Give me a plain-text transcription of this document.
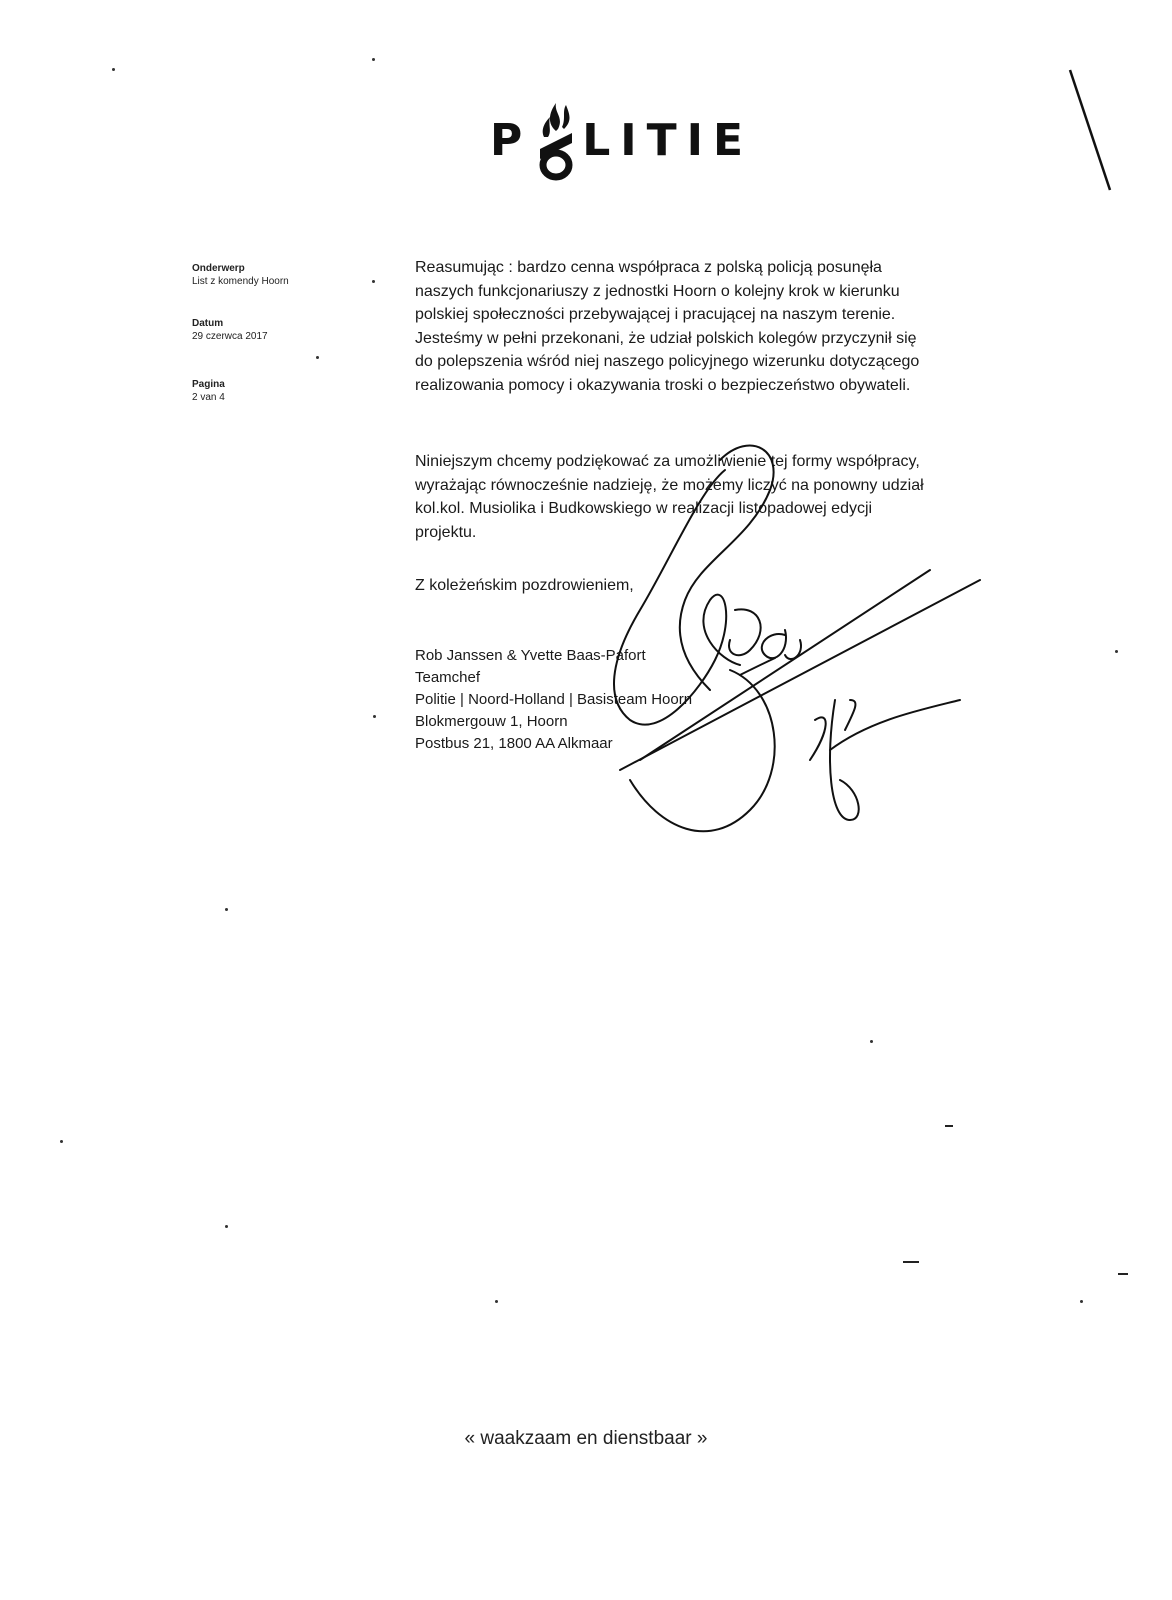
P LITIE
Onderwerp
List z komendy Hoorn
Datum
29 czerwca 2017
Pagina
2 van 4
Reasumując : bardzo cenna współpraca z polską policją posunęła
naszych funkcjonariuszy z jednostki Hoorn o kolejny krok w kierunku
polskiej społeczności przebywającej i pracującej na naszym terenie.
Jesteśmy w pełni przekonani, że udział polskich kolegów przyczynił się
do polepszenia wśród niej naszego policyjnego wizerunku dotyczącego
realizowania pomocy i okazywania troski o bezpieczeństwo obywateli.
Niniejszym chcemy podziękować za umożliwienie tej formy współpracy,
wyrażając równocześnie nadzieję, że możemy liczyć na ponowny udział
kol.kol. Musiolika i Budkowskiego w realizacji listopadowej edycji
projektu.
Z koleżeńskim pozdrowieniem,
Rob Janssen & Yvette Baas-Pafort
Teamchef
Politie | Noord-Holland | Basisteam Hoorn
Blokmergouw 1, Hoorn
Postbus 21, 1800 AA Alkmaar
« waakzaam en dienstbaar »
